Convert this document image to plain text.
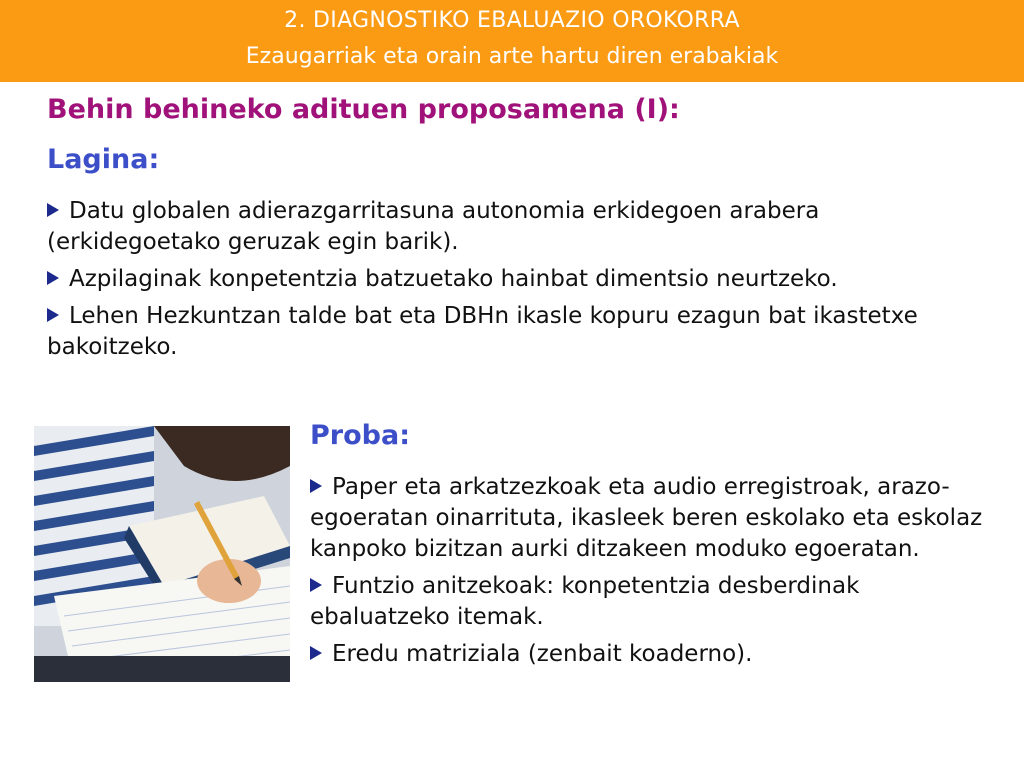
2. DIAGNOSTIKO EBALUAZIO OROKORRA
Ezaugarriak eta orain arte hartu diren erabakiak
Behin behineko adituen proposamena (I):
Lagina:

Datu globalen adierazgarritasuna autonomia erkidegoen arabera (erkidegoetako geruzak egin barik).

Azpilaginak konpetentzia batzuetako hainbat dimentsio neurtzeko.

Lehen Hezkuntzan talde bat eta DBHn ikasle kopuru ezagun bat ikastetxe bakoitzeko.

Proba:

Paper eta arkatzezkoak eta audio erregistroak, arazo-egoeratan oinarrituta, ikasleek beren eskolako eta eskolaz kanpoko bizitzan aurki ditzakeen moduko egoeratan.

Funtzio anitzekoak: konpetentzia desberdinak ebaluatzeko itemak.

Eredu matriziala (zenbait koaderno).
